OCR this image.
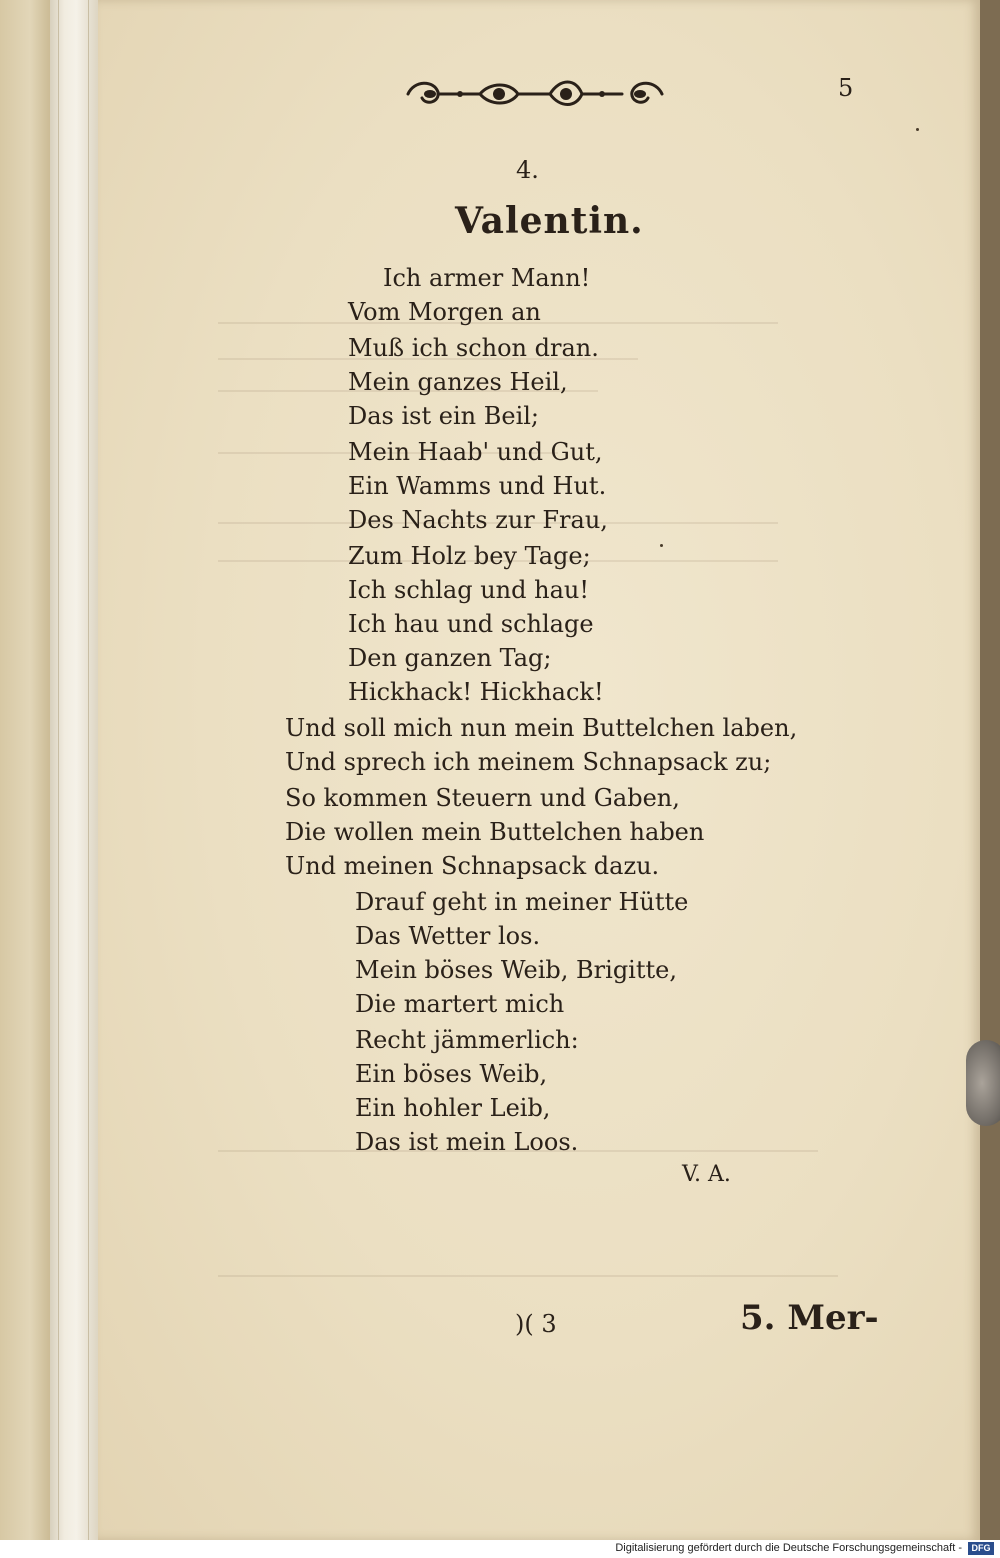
5
4.
Valentin.
Ich armer Mann!
Vom Morgen an
Muß ich schon dran.
Mein ganzes Heil,
Das ist ein Beil;
Mein Haab' und Gut,
Ein Wamms und Hut.
Des Nachts zur Frau,
Zum Holz bey Tage;
Ich schlag und hau!
Ich hau und schlage
Den ganzen Tag;
Hickhack! Hickhack!
Und soll mich nun mein Buttelchen laben,
Und sprech ich meinem Schnapsack zu;
So kommen Steuern und Gaben,
Die wollen mein Buttelchen haben
Und meinen Schnapsack dazu.
Drauf geht in meiner Hütte
Das Wetter los.
Mein böses Weib, Brigitte,
Die martert mich
Recht jämmerlich:
Ein böses Weib,
Ein hohler Leib,
Das ist mein Loos.
V. A.
)( 3	5. Mer-
Digitalisierung gefördert durch die Deutsche Forschungsgemeinschaft -	DFG
